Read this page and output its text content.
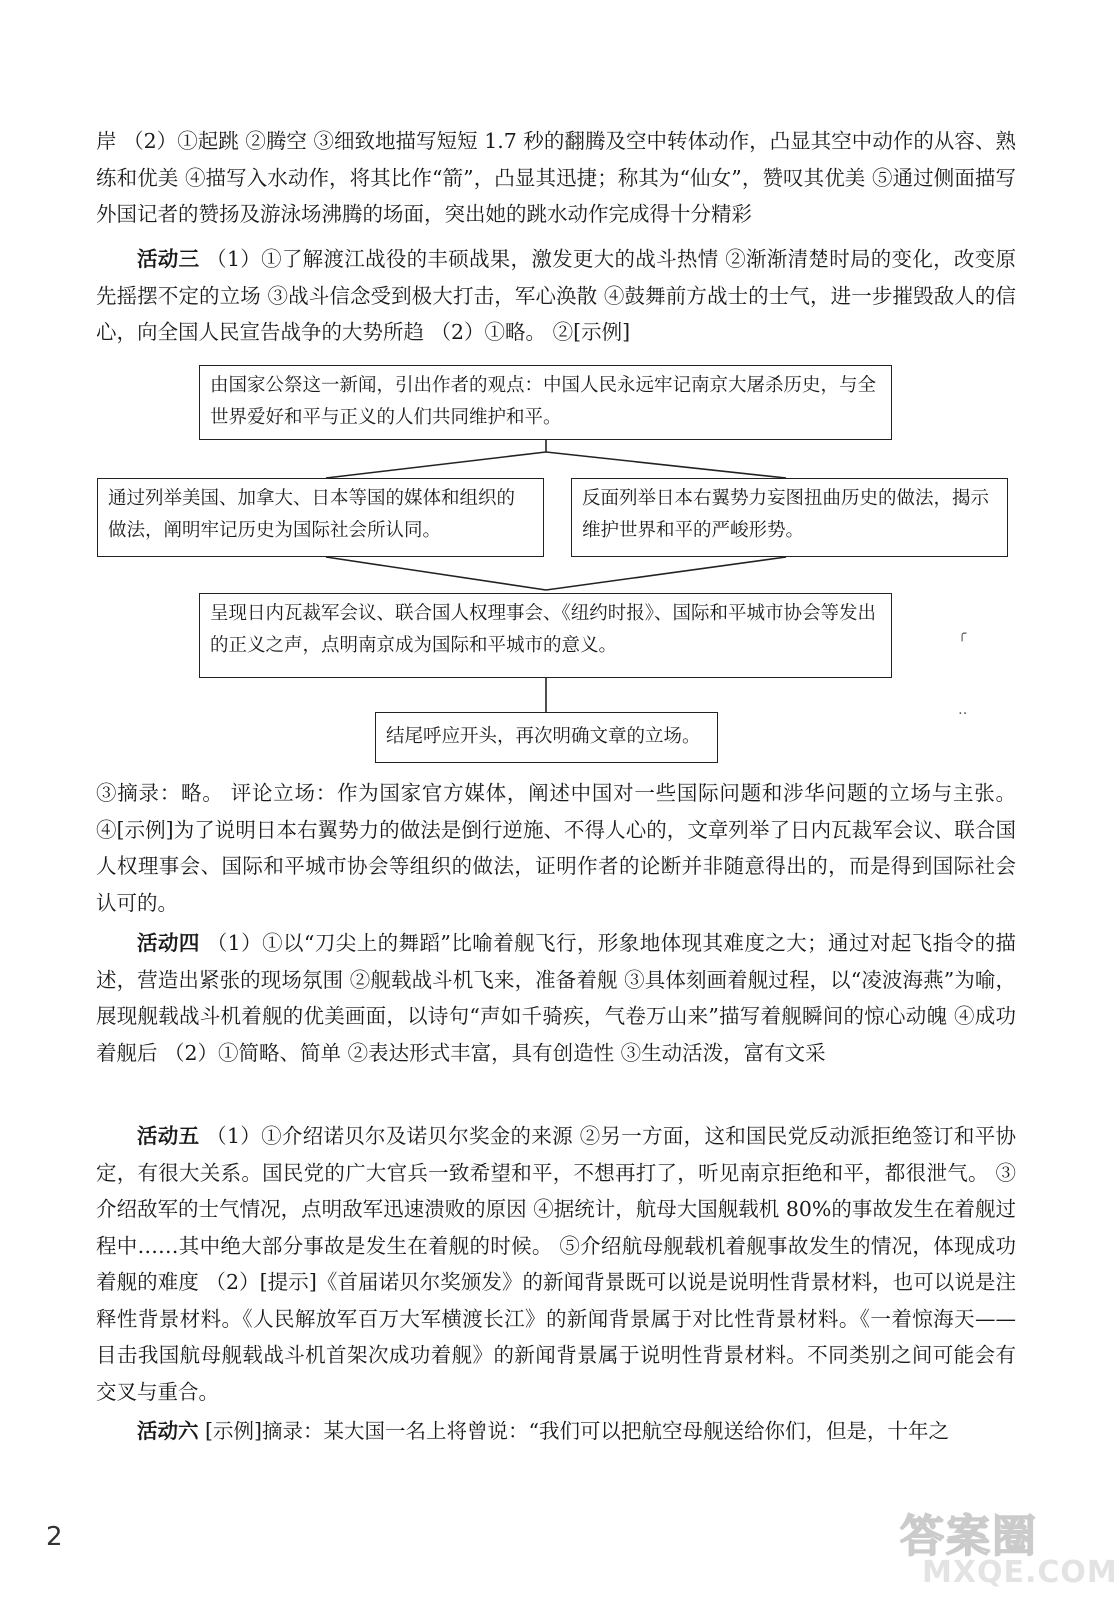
岸 （2）①起跳 ②腾空 ③细致地描写短短 1.7 秒的翻腾及空中转体动作，凸显其空中动作的从容、熟练和优美 ④描写入水动作，将其比作“箭”，凸显其迅捷；称其为“仙女”，赞叹其优美 ⑤通过侧面描写外国记者的赞扬及游泳场沸腾的场面，突出她的跳水动作完成得十分精彩

活动三 （1）①了解渡江战役的丰硕战果，激发更大的战斗热情 ②渐渐清楚时局的变化，改变原先摇摆不定的立场 ③战斗信念受到极大打击，军心涣散 ④鼓舞前方战士的士气，进一步摧毁敌人的信心，向全国人民宣告战争的大势所趋 （2）①略。 ②[示例]

由国家公祭这一新闻，引出作者的观点：中国人民永远牢记南京大屠杀历史，与全世界爱好和平与正义的人们共同维护和平。
通过列举美国、加拿大、日本等国的媒体和组织的做法，阐明牢记历史为国际社会所认同。
反面列举日本右翼势力妄图扭曲历史的做法，揭示维护世界和平的严峻形势。
呈现日内瓦裁军会议、联合国人权理事会、《纽约时报》、国际和平城市协会等发出的正义之声，点明南京成为国际和平城市的意义。
结尾呼应开头，再次明确文章的立场。
╭
‥

③摘录：略。 评论立场：作为国家官方媒体，阐述中国对一些国际问题和涉华问题的立场与主张。 ④[示例]为了说明日本右翼势力的做法是倒行逆施、不得人心的，文章列举了日内瓦裁军会议、联合国人权理事会、国际和平城市协会等组织的做法，证明作者的论断并非随意得出的，而是得到国际社会认可的。

活动四 （1）①以“刀尖上的舞蹈”比喻着舰飞行，形象地体现其难度之大；通过对起飞指令的描述，营造出紧张的现场氛围 ②舰载战斗机飞来，准备着舰 ③具体刻画着舰过程，以“凌波海燕”为喻，展现舰载战斗机着舰的优美画面，以诗句“声如千骑疾，气卷万山来”描写着舰瞬间的惊心动魄 ④成功着舰后 （2）①简略、简单 ②表达形式丰富，具有创造性 ③生动活泼，富有文采

活动五 （1）①介绍诺贝尔及诺贝尔奖金的来源 ②另一方面，这和国民党反动派拒绝签订和平协定，有很大关系。国民党的广大官兵一致希望和平，不想再打了，听见南京拒绝和平，都很泄气。 ③介绍敌军的士气情况，点明敌军迅速溃败的原因 ④据统计，航母大国舰载机 80%的事故发生在着舰过程中……其中绝大部分事故是发生在着舰的时候。 ⑤介绍航母舰载机着舰事故发生的情况，体现成功着舰的难度 （2）[提示]《首届诺贝尔奖颁发》的新闻背景既可以说是说明性背景材料，也可以说是注释性背景材料。《人民解放军百万大军横渡长江》的新闻背景属于对比性背景材料。《一着惊海天——目击我国航母舰载战斗机首架次成功着舰》的新闻背景属于说明性背景材料。不同类别之间可能会有交叉与重合。

活动六 [示例]摘录：某大国一名上将曾说：“我们可以把航空母舰送给你们，但是，十年之

2	答案圈
MXQE.COM
